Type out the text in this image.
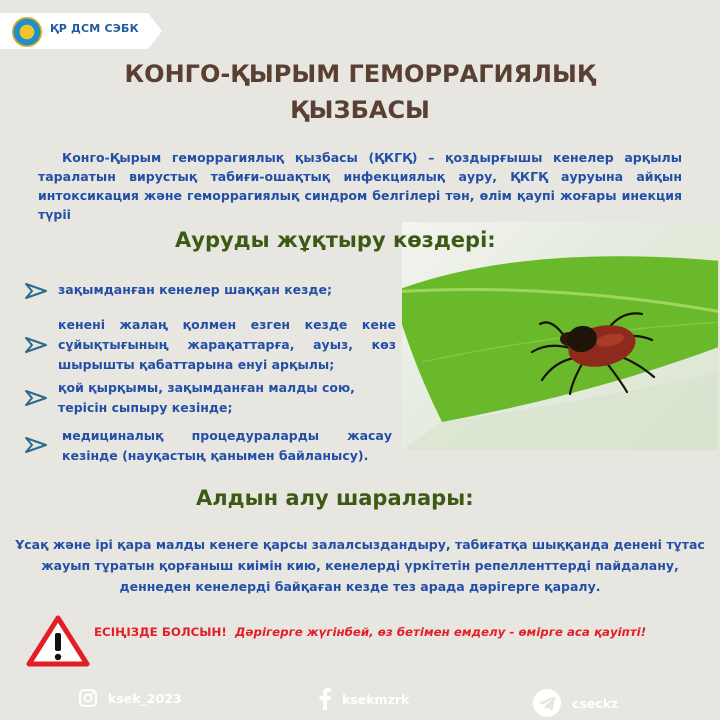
ҚР ДСМ СЭБК
КОНГО-ҚЫРЫМ ГЕМОРРАГИЯЛЫҚ
ҚЫЗБАСЫ
Конго-Қырым геморрагиялық қызбасы (ҚКГҚ) – қоздырғышы кенелер арқылы таралатын вирустық табиғи-ошақтық инфекциялық ауру, ҚКГҚ ауруына айқын интоксикация және геморрагиялық синдром белгілері тән, өлім қаупі жоғары инекция түрii
Ауруды жұқтыру көздері:
зақымданған кенелер шаққан кезде;
кенені жалаң қолмен езген кезде кене сұйықтығының жарақаттарға, ауыз, көз шырышты қабаттарына енуі арқылы;
қой қырқымы, зақымданған малды сою, терісін сыпыру кезінде;
медициналық процедураларды жасау кезінде (науқастың қанымен байланысу).
Алдын алу шаралары:
Ұсақ және ірі қара малды кенеге қарсы залалсыздандыру, табиғатқа шыққанда денені тұтас
жауып тұратын қорғаныш киімін кию, кенелерді үркітетін репелленттерді пайдалану,
деннеден кенелерді байқаған кезде тез арада дәрігерге қаралу.
ЕСІҢІЗДЕ БОЛСЫН! Дәрігерге жүгінбей, өз бетімен емделу - өмірге аса қауіпті!
ksek_2023	ksekmzrk	cseckz
